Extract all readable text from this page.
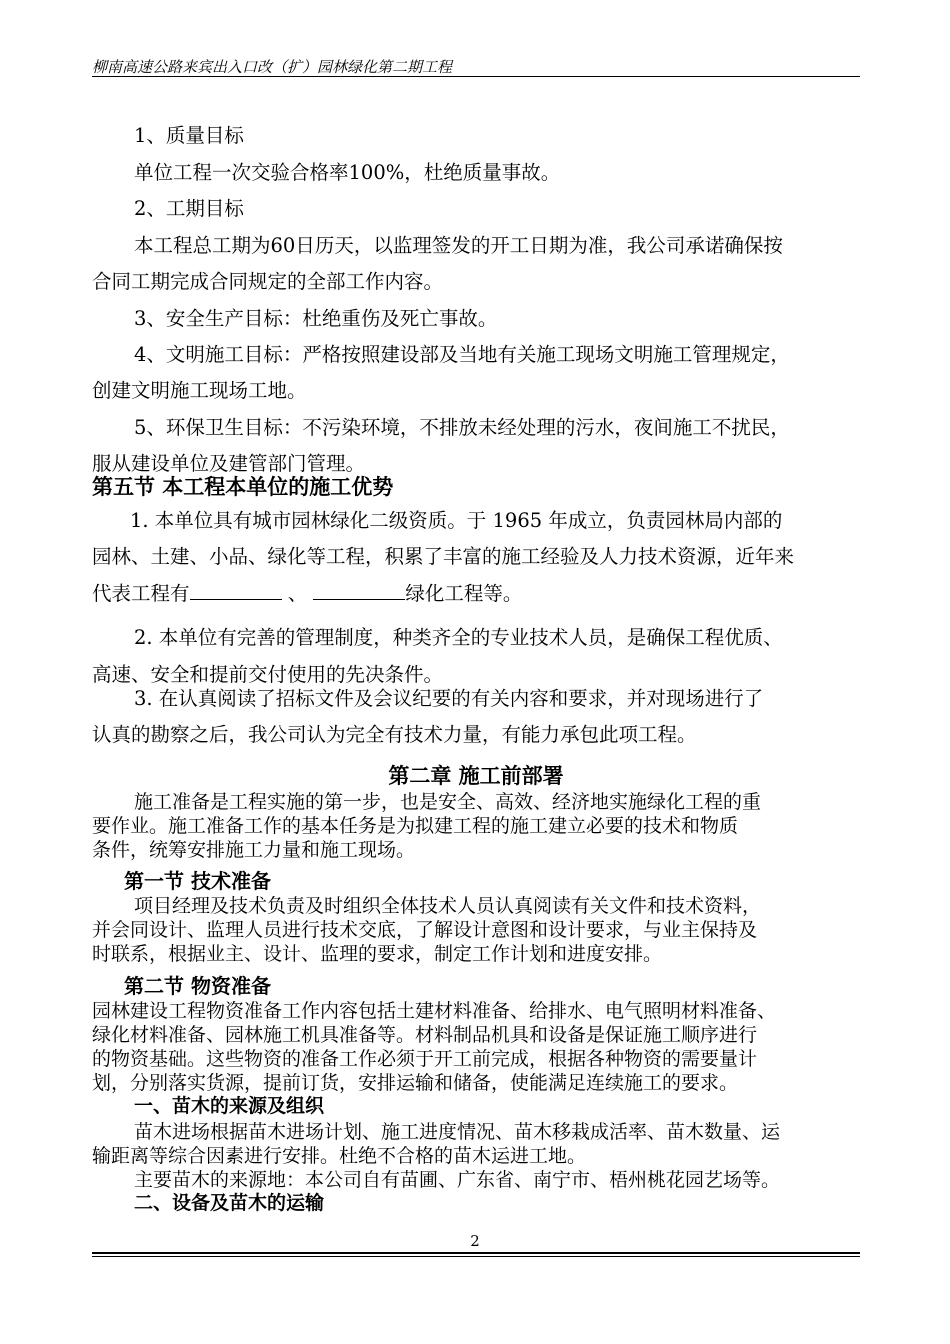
柳南高速公路来宾出入口改（扩）园林绿化第二期工程
1、质量目标
单位工程一次交验合格率100%，杜绝质量事故。
2、工期目标
本工程总工期为60日历天，以监理签发的开工日期为准，我公司承诺确保按
合同工期完成合同规定的全部工作内容。
3、安全生产目标：杜绝重伤及死亡事故。
4、文明施工目标：严格按照建设部及当地有关施工现场文明施工管理规定，
创建文明施工现场工地。
5、环保卫生目标：不污染环境，不排放未经处理的污水，夜间施工不扰民，
服从建设单位及建管部门管理。
第五节 本工程本单位的施工优势
1. 本单位具有城市园林绿化二级资质。于 1965 年成立，负责园林局内部的
园林、土建、小品、绿化等工程，积累了丰富的施工经验及人力技术资源，近年来
代表工程有	、	绿化工程等。
2. 本单位有完善的管理制度，种类齐全的专业技术人员，是确保工程优质、
高速、安全和提前交付使用的先决条件。
3. 在认真阅读了招标文件及会议纪要的有关内容和要求，并对现场进行了
认真的勘察之后，我公司认为完全有技术力量，有能力承包此项工程。
第二章 施工前部署
施工准备是工程实施的第一步，也是安全、高效、经济地实施绿化工程的重
要作业。施工准备工作的基本任务是为拟建工程的施工建立必要的技术和物质
条件，统筹安排施工力量和施工现场。
第一节 技术准备
项目经理及技术负责及时组织全体技术人员认真阅读有关文件和技术资料，
并会同设计、监理人员进行技术交底，了解设计意图和设计要求，与业主保持及
时联系，根据业主、设计、监理的要求，制定工作计划和进度安排。
第二节 物资准备
园林建设工程物资准备工作内容包括土建材料准备、给排水、电气照明材料准备、
绿化材料准备、园林施工机具准备等。材料制品机具和设备是保证施工顺序进行
的物资基础。这些物资的准备工作必须于开工前完成，根据各种物资的需要量计
划，分别落实货源，提前订货，安排运输和储备，使能满足连续施工的要求。
一、苗木的来源及组织
苗木进场根据苗木进场计划、施工进度情况、苗木移栽成活率、苗木数量、运
输距离等综合因素进行安排。杜绝不合格的苗木运进工地。
主要苗木的来源地：本公司自有苗圃、广东省、南宁市、梧州桃花园艺场等。
二、设备及苗木的运输
2
